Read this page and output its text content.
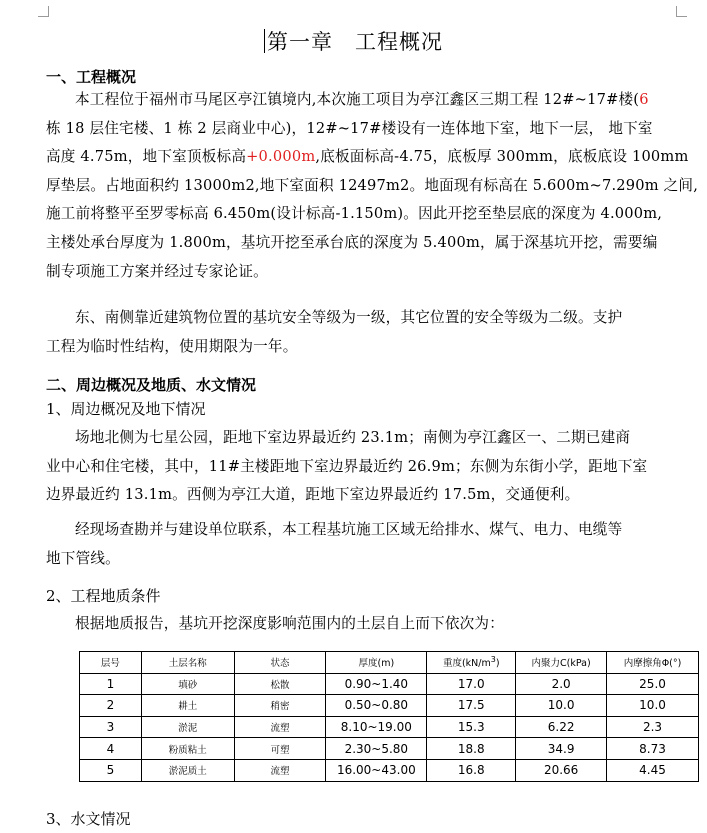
第一章　工程概况
一、工程概况
本工程位于福州市马尾区亭江镇境内,本次施工项目为亭江鑫区三期工程 12#~17#楼(6
栋 18 层住宅楼、1 栋 2 层商业中心)，12#~17#楼设有一连体地下室，地下一层， 地下室
高度 4.75m，地下室顶板标高+0.000m,底板面标高-4.75，底板厚 300mm，底板底设 100mm
厚垫层。占地面积约 13000m2,地下室面积 12497m2。地面现有标高在 5.600m~7.290m 之间,
施工前将整平至罗零标高 6.450m(设计标高-1.150m)。因此开挖至垫层底的深度为 4.000m,
主楼处承台厚度为 1.800m，基坑开挖至承台底的深度为 5.400m，属于深基坑开挖，需要编
制专项施工方案并经过专家论证。
东、南侧靠近建筑物位置的基坑安全等级为一级，其它位置的安全等级为二级。支护
工程为临时性结构，使用期限为一年。
二、周边概况及地质、水文情况
1、周边概况及地下情况
场地北侧为七星公园，距地下室边界最近约 23.1m；南侧为亭江鑫区一、二期已建商
业中心和住宅楼，其中，11#主楼距地下室边界最近约 26.9m；东侧为东街小学，距地下室
边界最近约 13.1m。西侧为亭江大道，距地下室边界最近约 17.5m，交通便利。
经现场查勘并与建设单位联系，本工程基坑施工区域无给排水、煤气、电力、电缆等
地下管线。
2、工程地质条件
根据地质报告，基坑开挖深度影响范围内的土层自上而下依次为：
层号	土层名称	状态	厚度(m)	重度$(kN/m^3)$	内聚力C(kPa)	内摩擦角Φ(°)
1	填砂	松散	0.90~1.40	17.0	2.0	25.0
2	耕土	稍密	0.50~0.80	17.5	10.0	10.0
3	淤泥	流塑	8.10~19.00	15.3	6.22	2.3
4	粉质粘土	可塑	2.30~5.80	18.8	34.9	8.73
5	淤泥质土	流塑	16.00~43.00	16.8	20.66	4.45
3、水文情况
